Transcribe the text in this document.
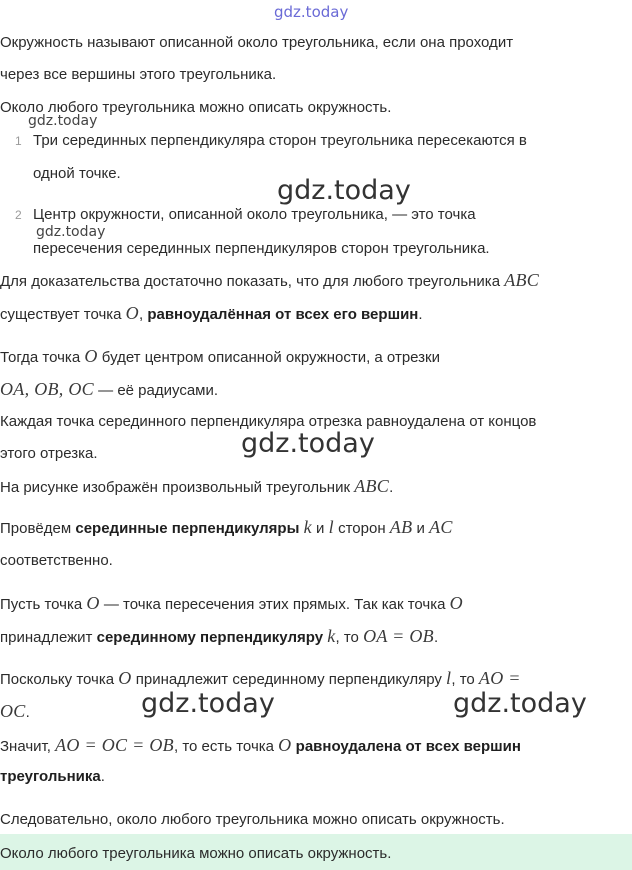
gdz.today
gdz.today
gdz.today
gdz.today
gdz.today
gdz.today	gdz.today
Окружность называют описанной около треугольника, если она проходит
через все вершины этого треугольника.
Около любого треугольника можно описать окружность.
1 Три серединных перпендикуляра сторон треугольника пересекаются в
одной точке.
2 Центр окружности, описанной около треугольника, — это точка
пересечения серединных перпендикуляров сторон треугольника.
Для доказательства достаточно показать, что для любого треугольника ABC
существует точка O, равноудалённая от всех его вершин.
Тогда точка O будет центром описанной окружности, а отрезки
OA, OB, OC — её радиусами.
Каждая точка серединного перпендикуляра отрезка равноудалена от концов
этого отрезка.
На рисунке изображён произвольный треугольник ABC.
Провёдем серединные перпендикуляры k и l сторон AB и AC
соответственно.
Пусть точка O — точка пересечения этих прямых. Так как точка O
принадлежит серединному перпендикуляру k, то OA = OB.
Поскольку точка O принадлежит серединному перпендикуляру l, то AO =
OC.
Значит, AO = OC = OB, то есть точка O равноудалена от всех вершин
треугольника.
Следовательно, около любого треугольника можно описать окружность.
Около любого треугольника можно описать окружность.
